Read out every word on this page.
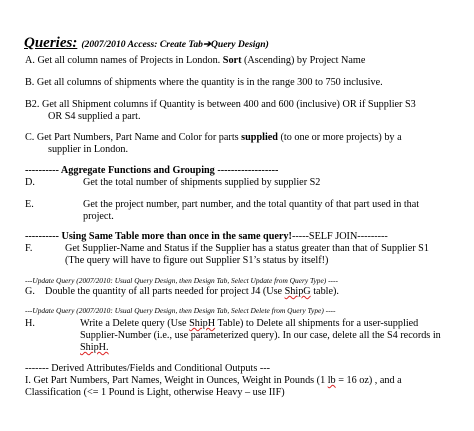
Queries: (2007/2010 Access: Create Tab➔Query Design)
A. Get all column names of Projects in London. Sort (Ascending) by Project Name
B. Get all columns of shipments where the quantity is in the range 300 to 750 inclusive.
B2. Get all Shipment columns if Quantity is between 400 and 600 (inclusive) OR if Supplier S3
OR S4 supplied a part.
C. Get Part Numbers, Part Name and Color for parts supplied (to one or more projects) by a
supplier in London.
---------- Aggregate Functions and Grouping ------------------
D.	Get the total number of shipments supplied by supplier S2
E.	Get the project number, part number, and the total quantity of that part used in that
project.
---------- Using Same Table more than once in the same query!-----SELF JOIN---------
F.	Get Supplier-Name and Status if the Supplier has a status greater than that of Supplier S1
(The query will have to figure out Supplier S1’s status by itself!)
---Update Query (2007/2010: Usual Query Design, then Design Tab, Select Update from Query Type) ----
G. Double the quantity of all parts needed for project J4 (Use ShipG table).
---Update Query (2007/2010: Usual Query Design, then Design Tab, Select Delete from Query Type) ----
H.	Write a Delete query (Use ShipH Table) to Delete all shipments for a user-supplied
Supplier-Number (i.e., use parameterized query). In our case, delete all the S4 records in
ShipH.
------- Derived Attributes/Fields and Conditional Outputs ---
I. Get Part Numbers, Part Names, Weight in Ounces, Weight in Pounds (1 lb = 16 oz) , and a
Classification (<= 1 Pound is Light, otherwise Heavy – use IIF)
